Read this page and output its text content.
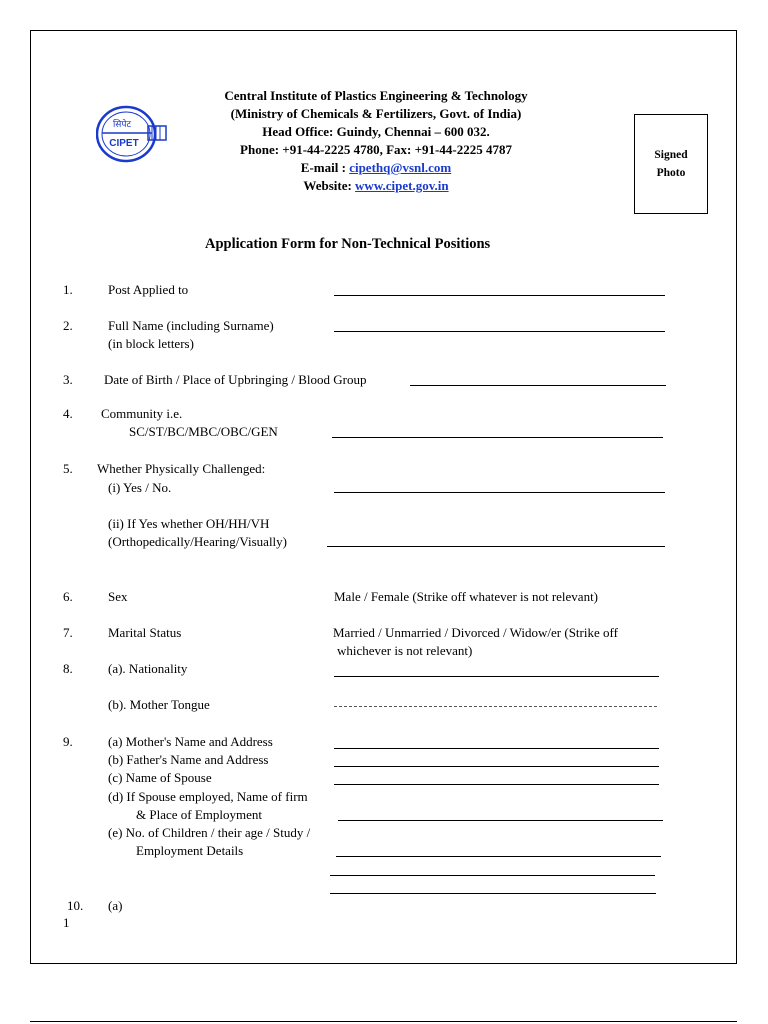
सिपेट
CIPET
Central Institute of Plastics Engineering & Technology
(Ministry of Chemicals & Fertilizers, Govt. of India)
Head Office: Guindy, Chennai – 600 032.
Phone: +91-44-2225 4780, Fax: +91-44-2225 4787
E-mail : cipethq@vsnl.com
Website: www.cipet.gov.in
Signed
Photo
Application Form for Non-Technical Positions
1.	Post Applied to
2.	Full Name (including Surname)
(in block letters)
3. Date of Birth / Place of Upbringing / Blood Group
4. Community i.e.
SC/ST/BC/MBC/OBC/GEN
5. Whether Physically Challenged:
(i) Yes / No.
(ii) If Yes whether OH/HH/VH
(Orthopedically/Hearing/Visually)
6.	Sex	Male / Female (Strike off whatever is not relevant)
7.	Marital Status	Married / Unmarried / Divorced / Widow/er (Strike off
whichever is not relevant)
8.	(a). Nationality
(b). Mother Tongue
9.	(a) Mother's Name and Address
(b) Father's Name and Address
(c) Name of Spouse
(d) If Spouse employed, Name of firm
& Place of Employment
(e) No. of Children / their age / Study /
Employment Details
10. (a)
1
